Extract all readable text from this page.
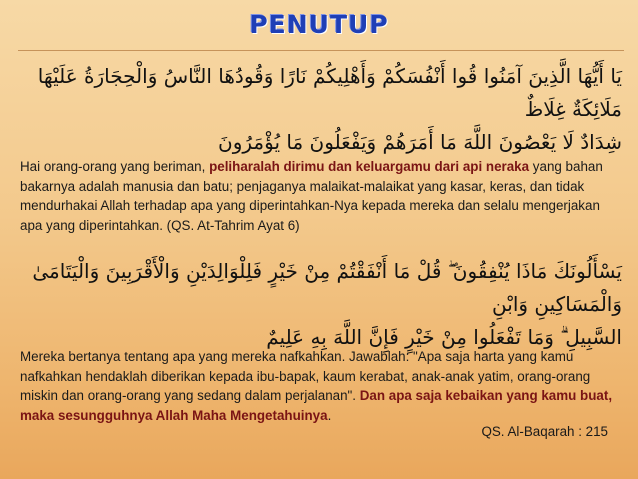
PENUTUP
يَا أَيُّهَا الَّذِينَ آمَنُوا قُوا أَنْفُسَكُمْ وَأَهْلِيكُمْ نَارًا وَقُودُهَا النَّاسُ وَالْحِجَارَةُ عَلَيْهَا مَلَائِكَةٌ غِلَاظٌ
شِدَادٌ لَا يَعْصُونَ اللَّهَ مَا أَمَرَهُمْ وَيَفْعَلُونَ مَا يُؤْمَرُونَ
Hai orang-orang yang beriman, peliharalah dirimu dan keluargamu dari api neraka yang bahan bakarnya adalah manusia dan batu; penjaganya malaikat-malaikat yang kasar, keras, dan tidak mendurhakai Allah terhadap apa yang diperintahkan-Nya kepada mereka dan selalu mengerjakan apa yang diperintahkan. (QS. At-Tahrim Ayat 6)
يَسْأَلُونَكَ مَاذَا يُنْفِقُونَ ۖ قُلْ مَا أَنْفَقْتُمْ مِنْ خَيْرٍ فَلِلْوَالِدَيْنِ وَالْأَقْرَبِينَ وَالْيَتَامَىٰ وَالْمَسَاكِينِ وَابْنِ
السَّبِيلِ ۗ وَمَا تَفْعَلُوا مِنْ خَيْرٍ فَإِنَّ اللَّهَ بِهِ عَلِيمٌ
Mereka bertanya tentang apa yang mereka nafkahkan. Jawablah: "Apa saja harta yang kamu nafkahkan hendaklah diberikan kepada ibu-bapak, kaum kerabat, anak-anak yatim, orang-orang miskin dan orang-orang yang sedang dalam perjalanan". Dan apa saja kebaikan yang kamu buat, maka sesungguhnya Allah Maha Mengetahuinya.
QS. Al-Baqarah : 215
